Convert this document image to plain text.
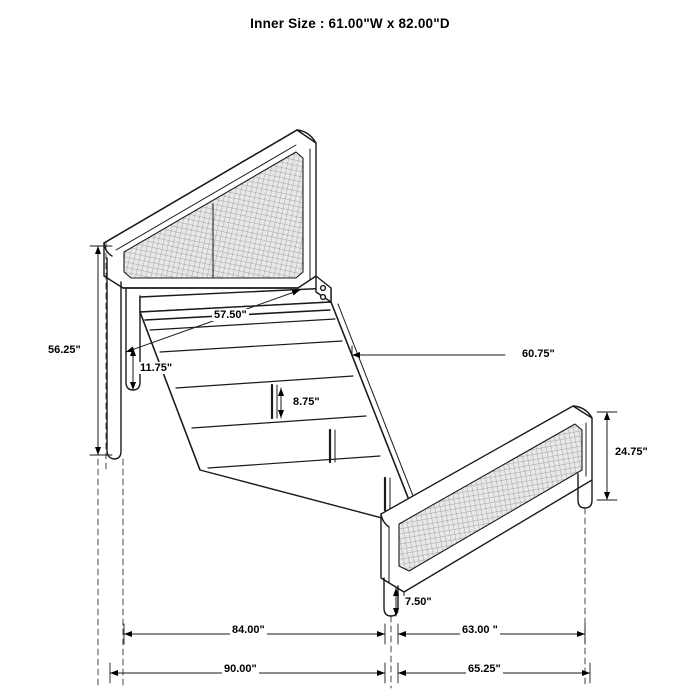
Inner Size : 61.00"W x 82.00"D
56.25"
57.50"
11.75"
8.75"
60.75"
24.75"
7.50"
84.00"	63.00 "
90.00"	65.25"
